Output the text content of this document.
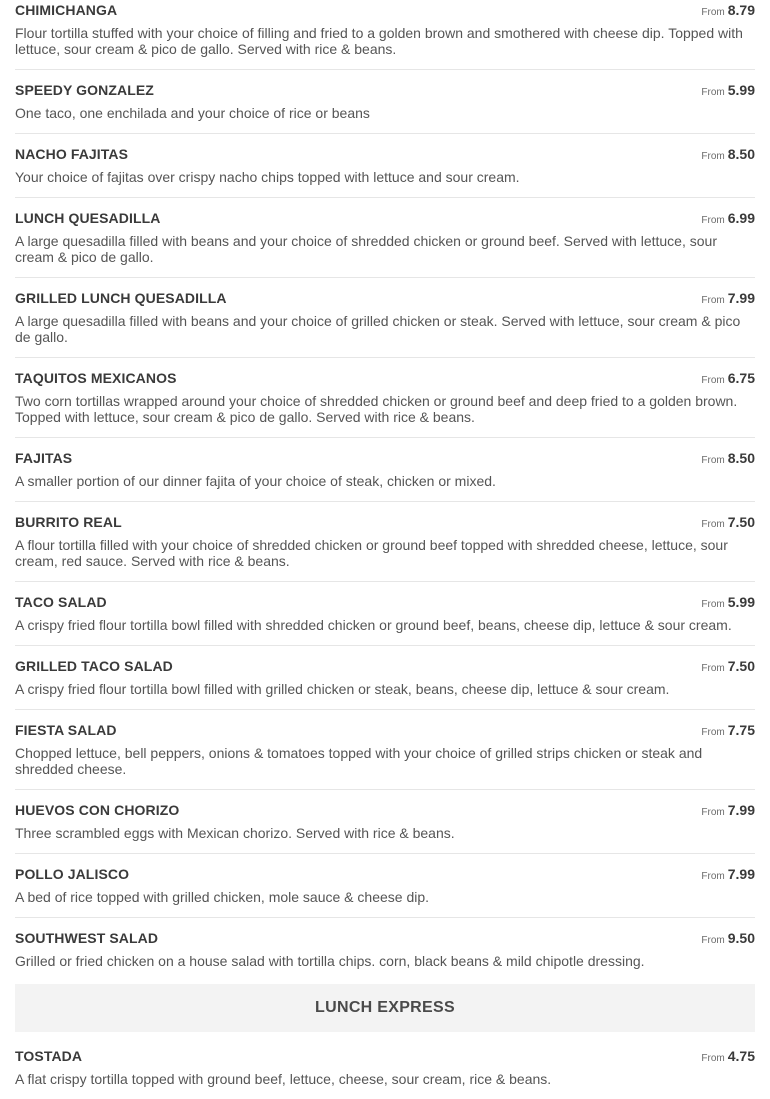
CHIMICHANGA	From 8.79
Flour tortilla stuffed with your choice of filling and fried to a golden brown and smothered with cheese dip. Topped with lettuce, sour cream & pico de gallo. Served with rice & beans.
SPEEDY GONZALEZ	From 5.99
One taco, one enchilada and your choice of rice or beans
NACHO FAJITAS	From 8.50
Your choice of fajitas over crispy nacho chips topped with lettuce and sour cream.
LUNCH QUESADILLA	From 6.99
A large quesadilla filled with beans and your choice of shredded chicken or ground beef. Served with lettuce, sour cream & pico de gallo.
GRILLED LUNCH QUESADILLA	From 7.99
A large quesadilla filled with beans and your choice of grilled chicken or steak. Served with lettuce, sour cream & pico de gallo.
TAQUITOS MEXICANOS	From 6.75
Two corn tortillas wrapped around your choice of shredded chicken or ground beef and deep fried to a golden brown. Topped with lettuce, sour cream & pico de gallo. Served with rice & beans.
FAJITAS	From 8.50
A smaller portion of our dinner fajita of your choice of steak, chicken or mixed.
BURRITO REAL	From 7.50
A flour tortilla filled with your choice of shredded chicken or ground beef topped with shredded cheese, lettuce, sour cream, red sauce. Served with rice & beans.
TACO SALAD	From 5.99
A crispy fried flour tortilla bowl filled with shredded chicken or ground beef, beans, cheese dip, lettuce & sour cream.
GRILLED TACO SALAD	From 7.50
A crispy fried flour tortilla bowl filled with grilled chicken or steak, beans, cheese dip, lettuce & sour cream.
FIESTA SALAD	From 7.75
Chopped lettuce, bell peppers, onions & tomatoes topped with your choice of grilled strips chicken or steak and shredded cheese.
HUEVOS CON CHORIZO	From 7.99
Three scrambled eggs with Mexican chorizo. Served with rice & beans.
POLLO JALISCO	From 7.99
A bed of rice topped with grilled chicken, mole sauce & cheese dip.
SOUTHWEST SALAD	From 9.50
Grilled or fried chicken on a house salad with tortilla chips. corn, black beans & mild chipotle dressing.
LUNCH EXPRESS
TOSTADA	From 4.75
A flat crispy tortilla topped with ground beef, lettuce, cheese, sour cream, rice & beans.
